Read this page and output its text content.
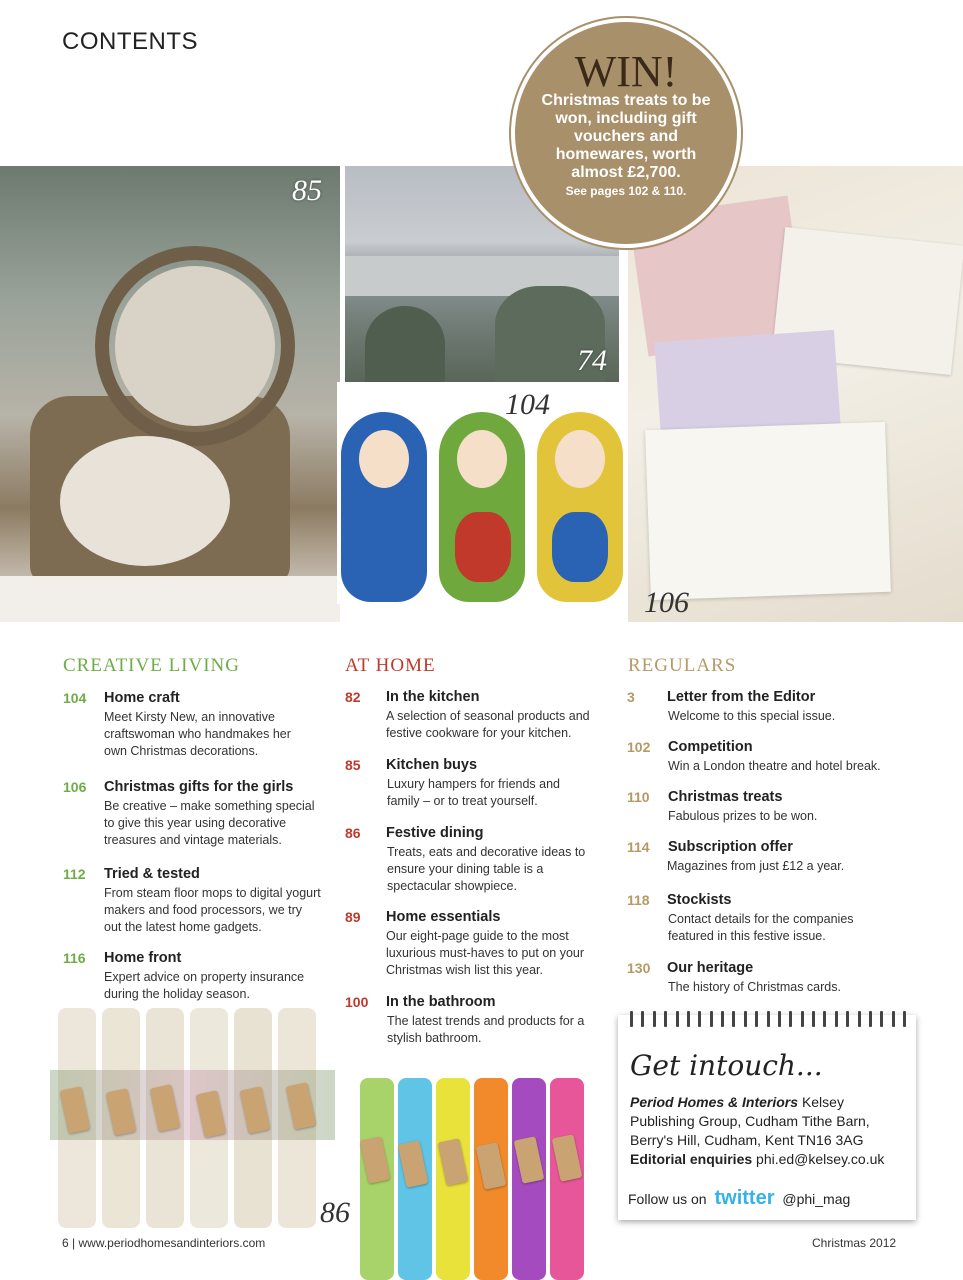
CONTENTS
85
74
104
106
WIN!
Christmas treats to be won, including gift vouchers and homewares, worth almost £2,700.
See pages 102 & 110.
CREATIVE LIVING	AT HOME	REGULARS
104 Home craft
Meet Kirsty New, an innovative craftswoman who handmakes her own Christmas decorations.
106 Christmas gifts for the girls
Be creative – make something special to give this year using decorative treasures and vintage materials.
112 Tried & tested
From steam floor mops to digital yogurt makers and food processors, we try out the latest home gadgets.
116 Home front
Expert advice on property insurance during the holiday season.
82 In the kitchen
A selection of seasonal products and festive cookware for your kitchen.
85 Kitchen buys
Luxury hampers for friends and family – or to treat yourself.
86 Festive dining
Treats, eats and decorative ideas to ensure your dining table is a spectacular showpiece.
89 Home essentials
Our eight-page guide to the most luxurious must-haves to put on your Christmas wish list this year.
100 In the bathroom
The latest trends and products for a stylish bathroom.
3 Letter from the Editor
Welcome to this special issue.
102 Competition
Win a London theatre and hotel break.
110 Christmas treats
Fabulous prizes to be won.
114 Subscription offer
Magazines from just £12 a year.
118 Stockists
Contact details for the companies featured in this festive issue.
130 Our heritage
The history of Christmas cards.
86
Get intouch...
Period Homes & Interiors Kelsey Publishing Group, Cudham Tithe Barn, Berry's Hill, Cudham, Kent TN16 3AG
Editorial enquiries phi.ed@kelsey.co.uk
Follow us on twitter @phi_mag
6 | www.periodhomesandinteriors.com	Christmas 2012
